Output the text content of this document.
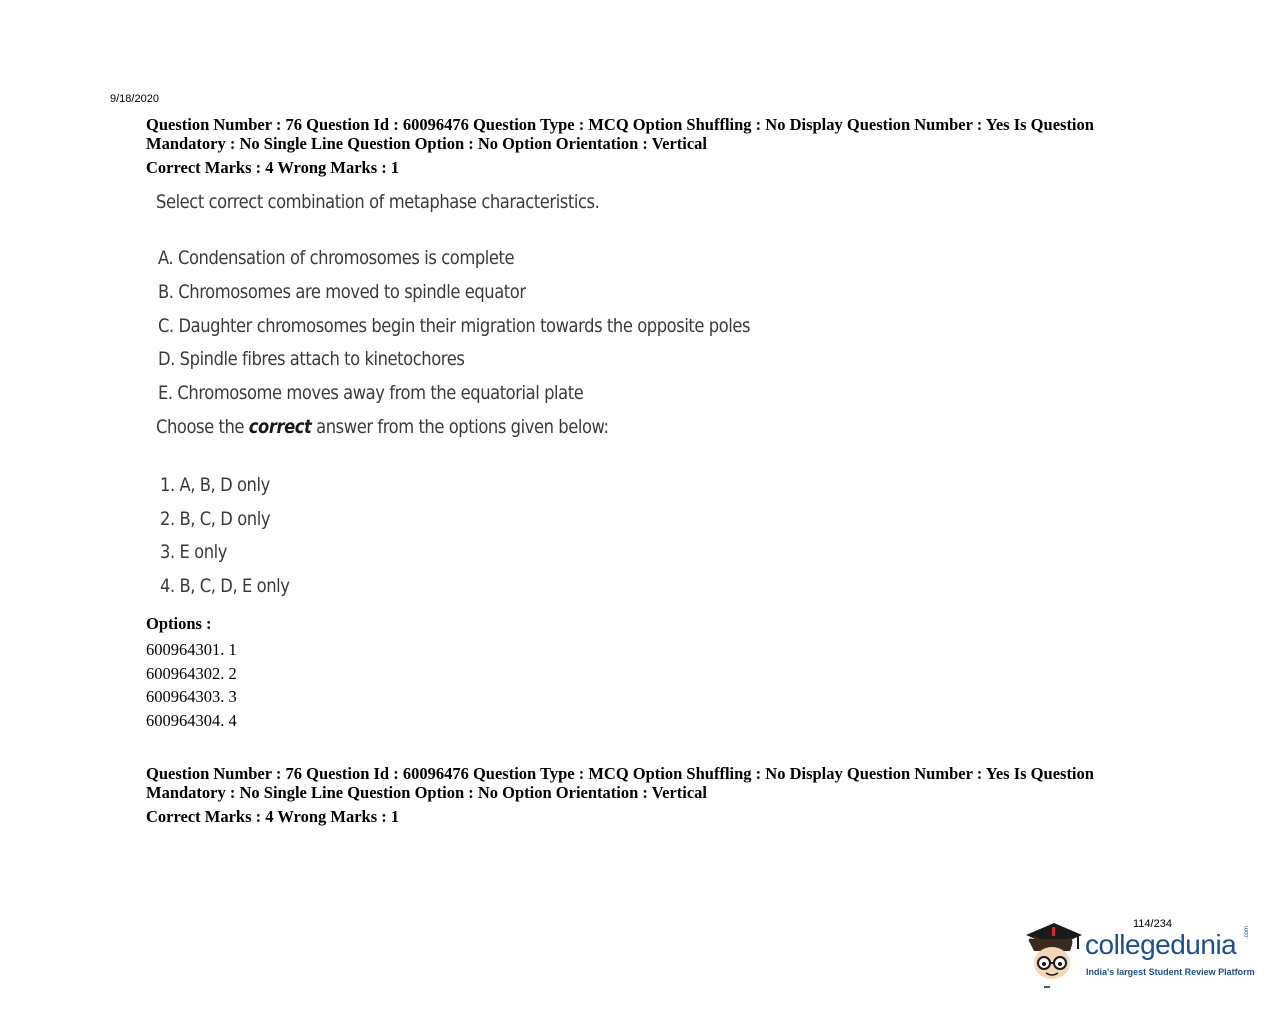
9/18/2020
Question Number : 76 Question Id : 60096476 Question Type : MCQ Option Shuffling : No Display Question Number : Yes Is Question
Mandatory : No Single Line Question Option : No Option Orientation : Vertical
Correct Marks : 4 Wrong Marks : 1
Select correct combination of metaphase characteristics.
A. Condensation of chromosomes is complete
B. Chromosomes are moved to spindle equator
C. Daughter chromosomes begin their migration towards the opposite poles
D. Spindle fibres attach to kinetochores
E. Chromosome moves away from the equatorial plate
Choose the correct answer from the options given below:
1. A, B, D only
2. B, C, D only
3. E only
4. B, C, D, E only
Options :
600964301. 1
600964302. 2
600964303. 3
600964304. 4
Question Number : 76 Question Id : 60096476 Question Type : MCQ Option Shuffling : No Display Question Number : Yes Is Question
Mandatory : No Single Line Question Option : No Option Orientation : Vertical
Correct Marks : 4 Wrong Marks : 1
114/234
collegedunia .com
India's largest Student Review Platform
